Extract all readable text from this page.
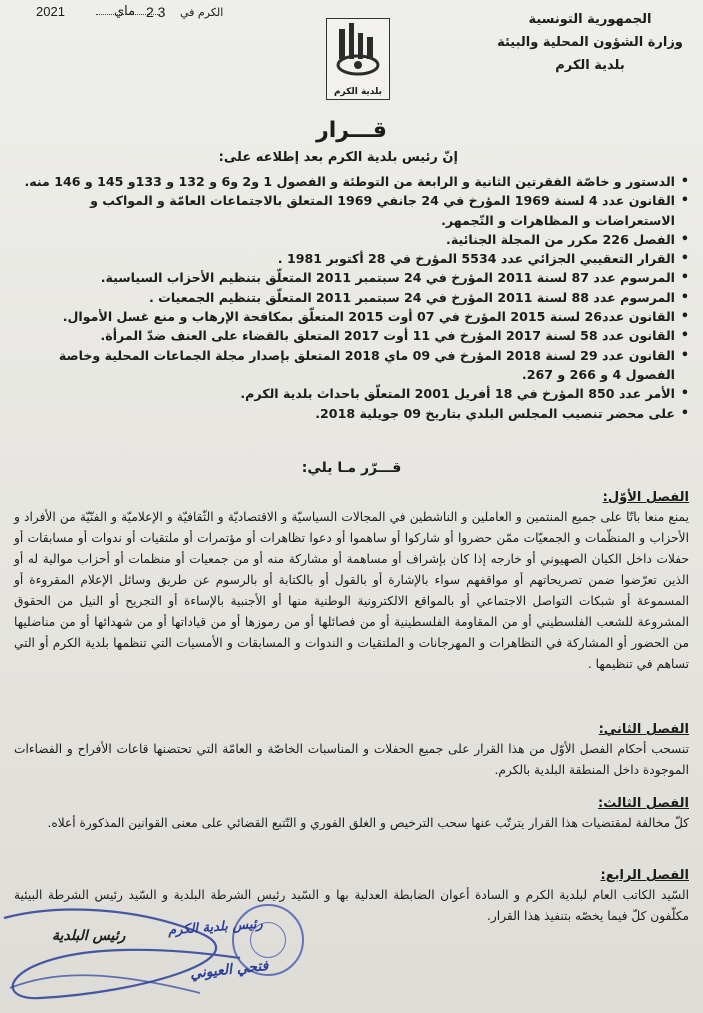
الجمهورية التونسية
وزارة الشؤون المحلية والبيئة
بلدية الكرم
بلدية الكرم
2021	ماي 2 3 الكرم في
قـــرار
إنّ رئيس بلدية الكرم بعد إطلاعه على:
• الدستور و خاصّة الفقرتين الثانية و الرابعة من التوطئة و الفصول 1 و2 و6 و 132 و 133و 145 و 146 منه.
• القانون عدد 4 لسنة 1969 المؤرخ في 24 جانفي 1969 المتعلق بالاجتماعات العامّة و المواكب و الاستعراضات و المظاهرات و التّجمهر.
• الفصل 226 مكرر من المجلة الجنائية.
• القرار التعقيبي الجزائي عدد 5534 المؤرخ في 28 أكتوبر 1981 .
• المرسوم عدد 87 لسنة 2011 المؤرخ في 24 سبتمبر 2011 المتعلّق بتنظيم الأحزاب السياسية.
• المرسوم عدد 88 لسنة 2011 المؤرخ في 24 سبتمبر 2011 المتعلّق بتنظيم الجمعيات .
• القانون عدد26 لسنة 2015 المؤرخ في 07 أوت 2015 المتعلّق بمكافحة الإرهاب و منع غسل الأموال.
• القانون عدد 58 لسنة 2017 المؤرخ في 11 أوت 2017 المتعلق بالقضاء على العنف ضدّ المرأة.
• القانون عدد 29 لسنة 2018 المؤرخ في 09 ماي 2018 المتعلق بإصدار مجلة الجماعات المحلية وخاصة الفصول 4 و 266 و 267.
• الأمر عدد 850 المؤرخ في 18 أفريل 2001 المتعلّق باحداث بلدية الكرم.
• على محضر تنصيب المجلس البلدي بتاريخ 09 جويلية 2018.
قـــرّر مـا يلي:
الفصل الأوّل:

يمنع منعا باتّا على جميع المنتمين و العاملين و الناشطين في المجالات السياسيّة و الاقتصاديّة و الثّقافيّة و الإعلاميّة و الفنّيّة من الأفراد و الأحزاب و المنظّمات و الجمعيّات ممّن حضروا أو شاركوا أو ساهموا أو دعوا تظاهرات أو مؤتمرات أو ملتقيات أو ندوات أو مسابقات أو حفلات داخل الكيان الصهيوني أو خارجه إذا كان بإشراف أو مساهمة أو مشاركة منه أو من جمعيات أو منظمات أو أحزاب موالية له أو الذين تعرّضوا ضمن تصريحاتهم أو مواقفهم سواء بالإشارة أو بالقول أو بالكتابة أو بالرسوم عن طريق وسائل الإعلام المقروءة أو المسموعة أو شبكات التواصل الاجتماعي أو بالمواقع الالكترونية الوطنية منها أو الأجنبية بالإساءة أو التجريح أو النيل من الحقوق المشروعة للشعب الفلسطيني أو من المقاومة الفلسطينية أو من فصائلها أو من رموزها أو من قياداتها أو من شهدائها أو من مناضليها من الحضور أو المشاركة في التظاهرات و المهرجانات و الملتقيات و الندوات و المسابقات و الأمسيات التي تنظمها بلدية الكرم أو التي تساهم في تنظيمها .

الفصل الثاني:

تنسحب أحكام الفصل الأوّل من هذا القرار على جميع الحفلات و المناسبات الخاصّة و العامّة التي تحتضنها قاعات الأفراح و الفضاءات الموجودة داخل المنطقة البلدية بالكرم.

الفصل الثالث:

كلّ مخالفة لمقتضيات هذا القرار يترتّب عنها سحب الترخيص و الغلق الفوري و التّتبع القضائي على معنى القوانين المذكورة أعلاه.

الفصل الرابع:

السّيد الكاتب العام لبلدية الكرم و السادة أعوان الضابطة العدلية بها و السّيد رئيس الشرطة البلدية و السّيد رئيس الشرطة البيئية مكلّفون كلّ فيما يخصّه بتنفيذ هذا القرار.

رئيس بلدية الكرم
رئيس البلدية
فتحي العيوني
